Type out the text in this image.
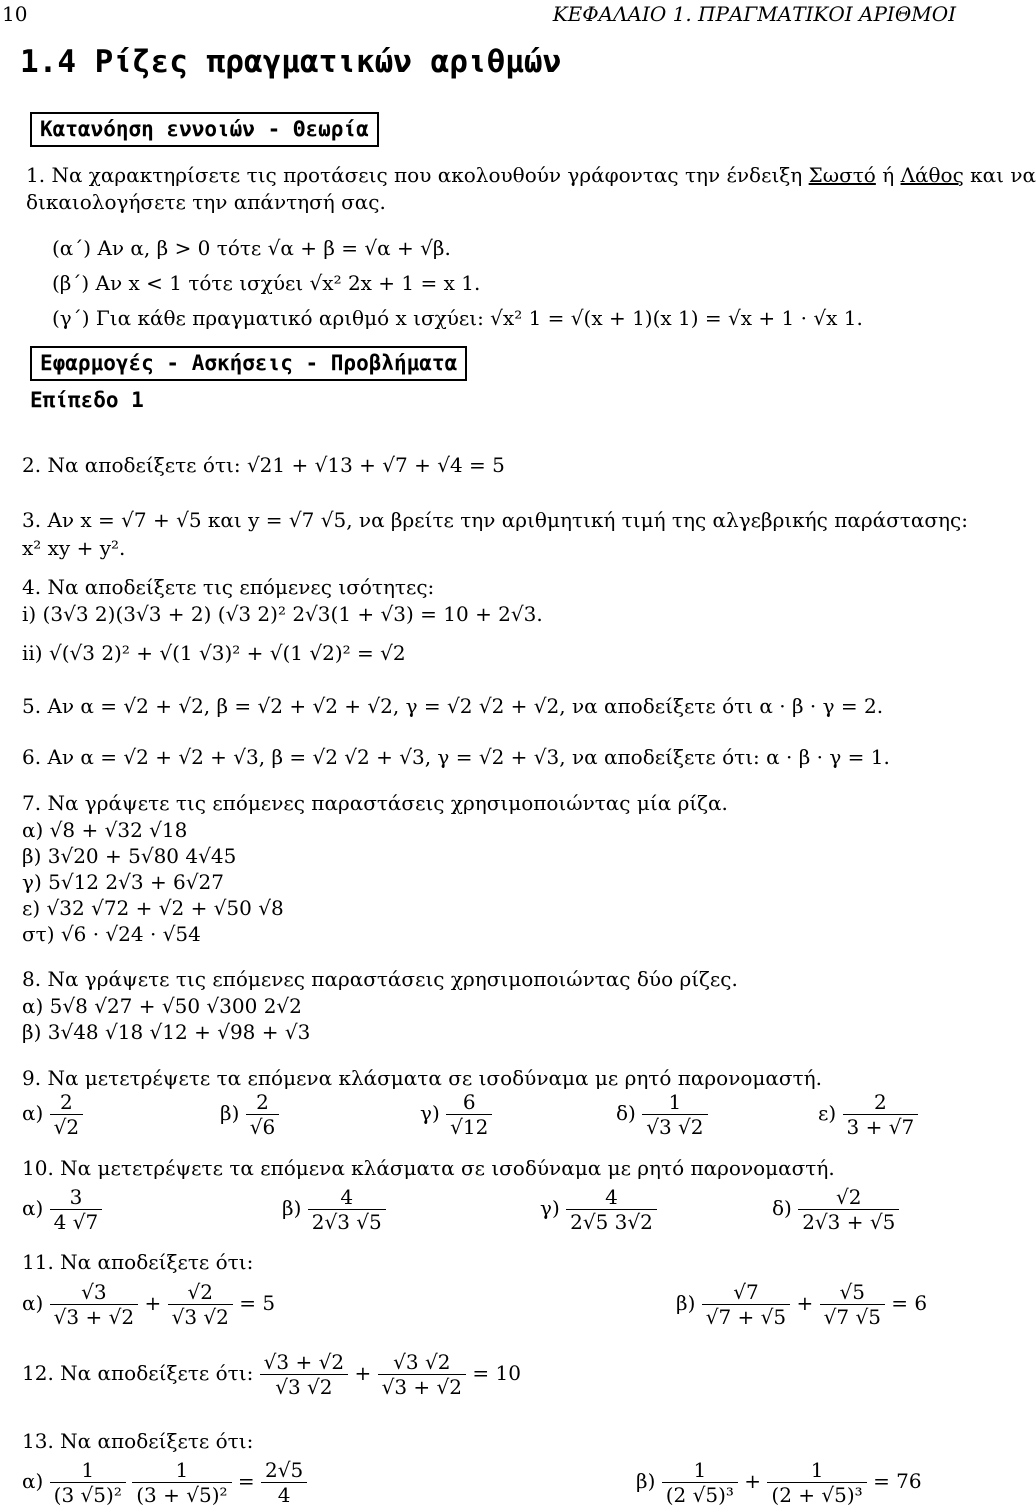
10	ΚΕΦΑΛΑΙΟ 1. ΠΡΑΓΜΑΤΙΚΟΙ ΑΡΙΘΜΟΙ
1.4 Ρίζες πραγματικών αριθμών
Κατανόηση εννοιών - Θεωρία
1. Να χαρακτηρίσετε τις προτάσεις που ακολουθούν γράφοντας την ένδειξη Σωστό ή Λάθος και να
δικαιολογήσετε την απάντησή σας.
(α΄) Αν α, β > 0 τότε √α + β = √α + √β.
(β΄) Αν x < 1 τότε ισχύει √x² 2x + 1 = x 1.
(γ΄) Για κάθε πραγματικό αριθμό x ισχύει: √x² 1 = √(x + 1)(x 1) = √x + 1 · √x 1.
Εφαρμογές - Ασκήσεις - Προβλήματα
Επίπεδο 1
2. Να αποδείξετε ότι: √21 + √13 + √7 + √4 = 5
3. Αν x = √7 + √5 και y = √7 √5, να βρείτε την αριθμητική τιμή της αλγεβρικής παράστασης:
x² xy + y².
4. Να αποδείξετε τις επόμενες ισότητες:
i) (3√3 2)(3√3 + 2) (√3 2)² 2√3(1 + √3) = 10 + 2√3.
ii) √(√3 2)² + √(1 √3)² + √(1 √2)² = √2
5. Αν α = √2 + √2, β = √2 + √2 + √2, γ = √2 √2 + √2, να αποδείξετε ότι α · β · γ = 2.
6. Αν α = √2 + √2 + √3, β = √2 √2 + √3, γ = √2 + √3, να αποδείξετε ότι: α · β · γ = 1.
7. Να γράψετε τις επόμενες παραστάσεις χρησιμοποιώντας μία ρίζα.
α) √8 + √32 √18
β) 3√20 + 5√80 4√45
γ) 5√12 2√3 + 6√27
ε) √32 √72 + √2 + √50 √8
στ) √6 · √24 · √54
8. Να γράψετε τις επόμενες παραστάσεις χρησιμοποιώντας δύο ρίζες.
α) 5√8 √27 + √50 √300 2√2
β) 3√48 √18 √12 + √98 + √3
9. Να μετετρέψετε τα επόμενα κλάσματα σε ισοδύναμα με ρητό παρονομαστή.
$\alpha) \frac{2}{√2}$	$\beta) \frac{2}{√6}$	$\gamma) \frac{6}{√12}$	$\delta) \frac{1}{√3 √2}$	$\varepsilon) \frac{2}{3 + √7}$
10. Να μετετρέψετε τα επόμενα κλάσματα σε ισοδύναμα με ρητό παρονομαστή.
$\alpha) \frac{3}{4 √7}$	$\beta) \frac{4}{2√3 √5}$	$\gamma) \frac{4}{2√5 3√2}$	$\delta) \frac{√2}{2√3 + √5}$
11. Να αποδείξετε ότι:
$\alpha) \frac{√3}{√3 + √2} + \frac{√2}{√3 √2} = 5$	$\beta) \frac{√7}{√7 + √5} + \frac{√5}{√7 √5} = 6$
12. Να αποδείξετε ότι: $\frac{√3 + √2}{√3 √2} + \frac{√3 √2}{√3 + √2} = 10$
13. Να αποδείξετε ότι:
$\alpha) \frac{1}{\text{(3 √5)²}}$
$\frac{1}{\text{(3 + √5)²}} = \frac{2√5}{4}$	$\beta) \frac{1}{\text{(2 √5)³}} + \frac{1}{\text{(2 + √5)³}} = 76$
